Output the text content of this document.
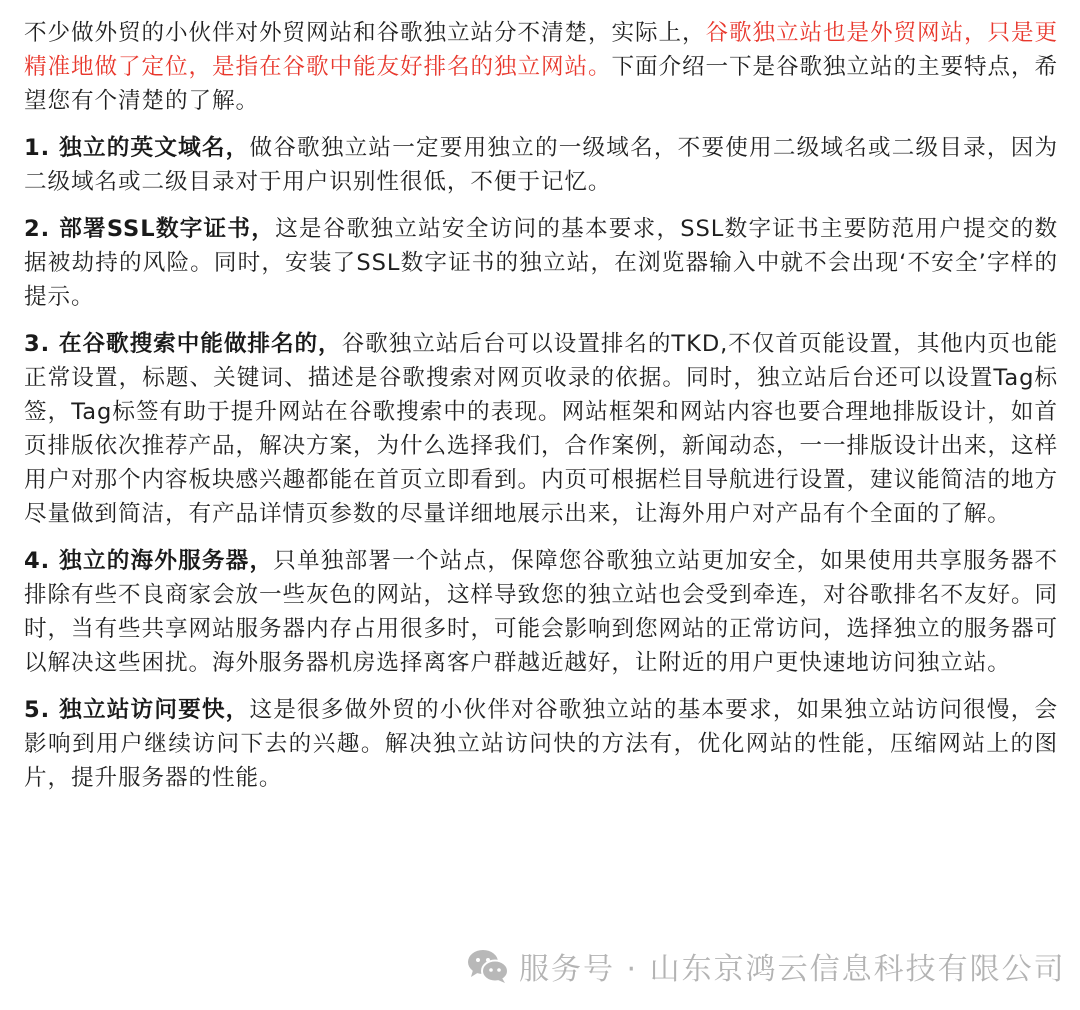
不少做外贸的小伙伴对外贸网站和谷歌独立站分不清楚，实际上，谷歌独立站也是外贸网站，只是更精准地做了定位，是指在谷歌中能友好排名的独立网站。下面介绍一下是谷歌独立站的主要特点，希望您有个清楚的了解。

1. 独立的英文域名，做谷歌独立站一定要用独立的一级域名，不要使用二级域名或二级目录，因为二级域名或二级目录对于用户识别性很低，不便于记忆。

2. 部署SSL数字证书，这是谷歌独立站安全访问的基本要求，SSL数字证书主要防范用户提交的数据被劫持的风险。同时，安装了SSL数字证书的独立站，在浏览器输入中就不会出现‘不安全’字样的提示。

3. 在谷歌搜索中能做排名的，谷歌独立站后台可以设置排名的TKD,不仅首页能设置，其他内页也能正常设置，标题、关键词、描述是谷歌搜索对网页收录的依据。同时，独立站后台还可以设置Tag标签，Tag标签有助于提升网站在谷歌搜索中的表现。网站框架和网站内容也要合理地排版设计，如首页排版依次推荐产品，解决方案，为什么选择我们，合作案例，新闻动态，一一排版设计出来，这样用户对那个内容板块感兴趣都能在首页立即看到。内页可根据栏目导航进行设置，建议能简洁的地方尽量做到简洁，有产品详情页参数的尽量详细地展示出来，让海外用户对产品有个全面的了解。

4. 独立的海外服务器，只单独部署一个站点，保障您谷歌独立站更加安全，如果使用共享服务器不排除有些不良商家会放一些灰色的网站，这样导致您的独立站也会受到牵连，对谷歌排名不友好。同时，当有些共享网站服务器内存占用很多时，可能会影响到您网站的正常访问，选择独立的服务器可以解决这些困扰。海外服务器机房选择离客户群越近越好，让附近的用户更快速地访问独立站。

5. 独立站访问要快，这是很多做外贸的小伙伴对谷歌独立站的基本要求，如果独立站访问很慢，会影响到用户继续访问下去的兴趣。解决独立站访问快的方法有，优化网站的性能，压缩网站上的图片，提升服务器的性能。

服务号 · 山东京鸿云信息科技有限公司
